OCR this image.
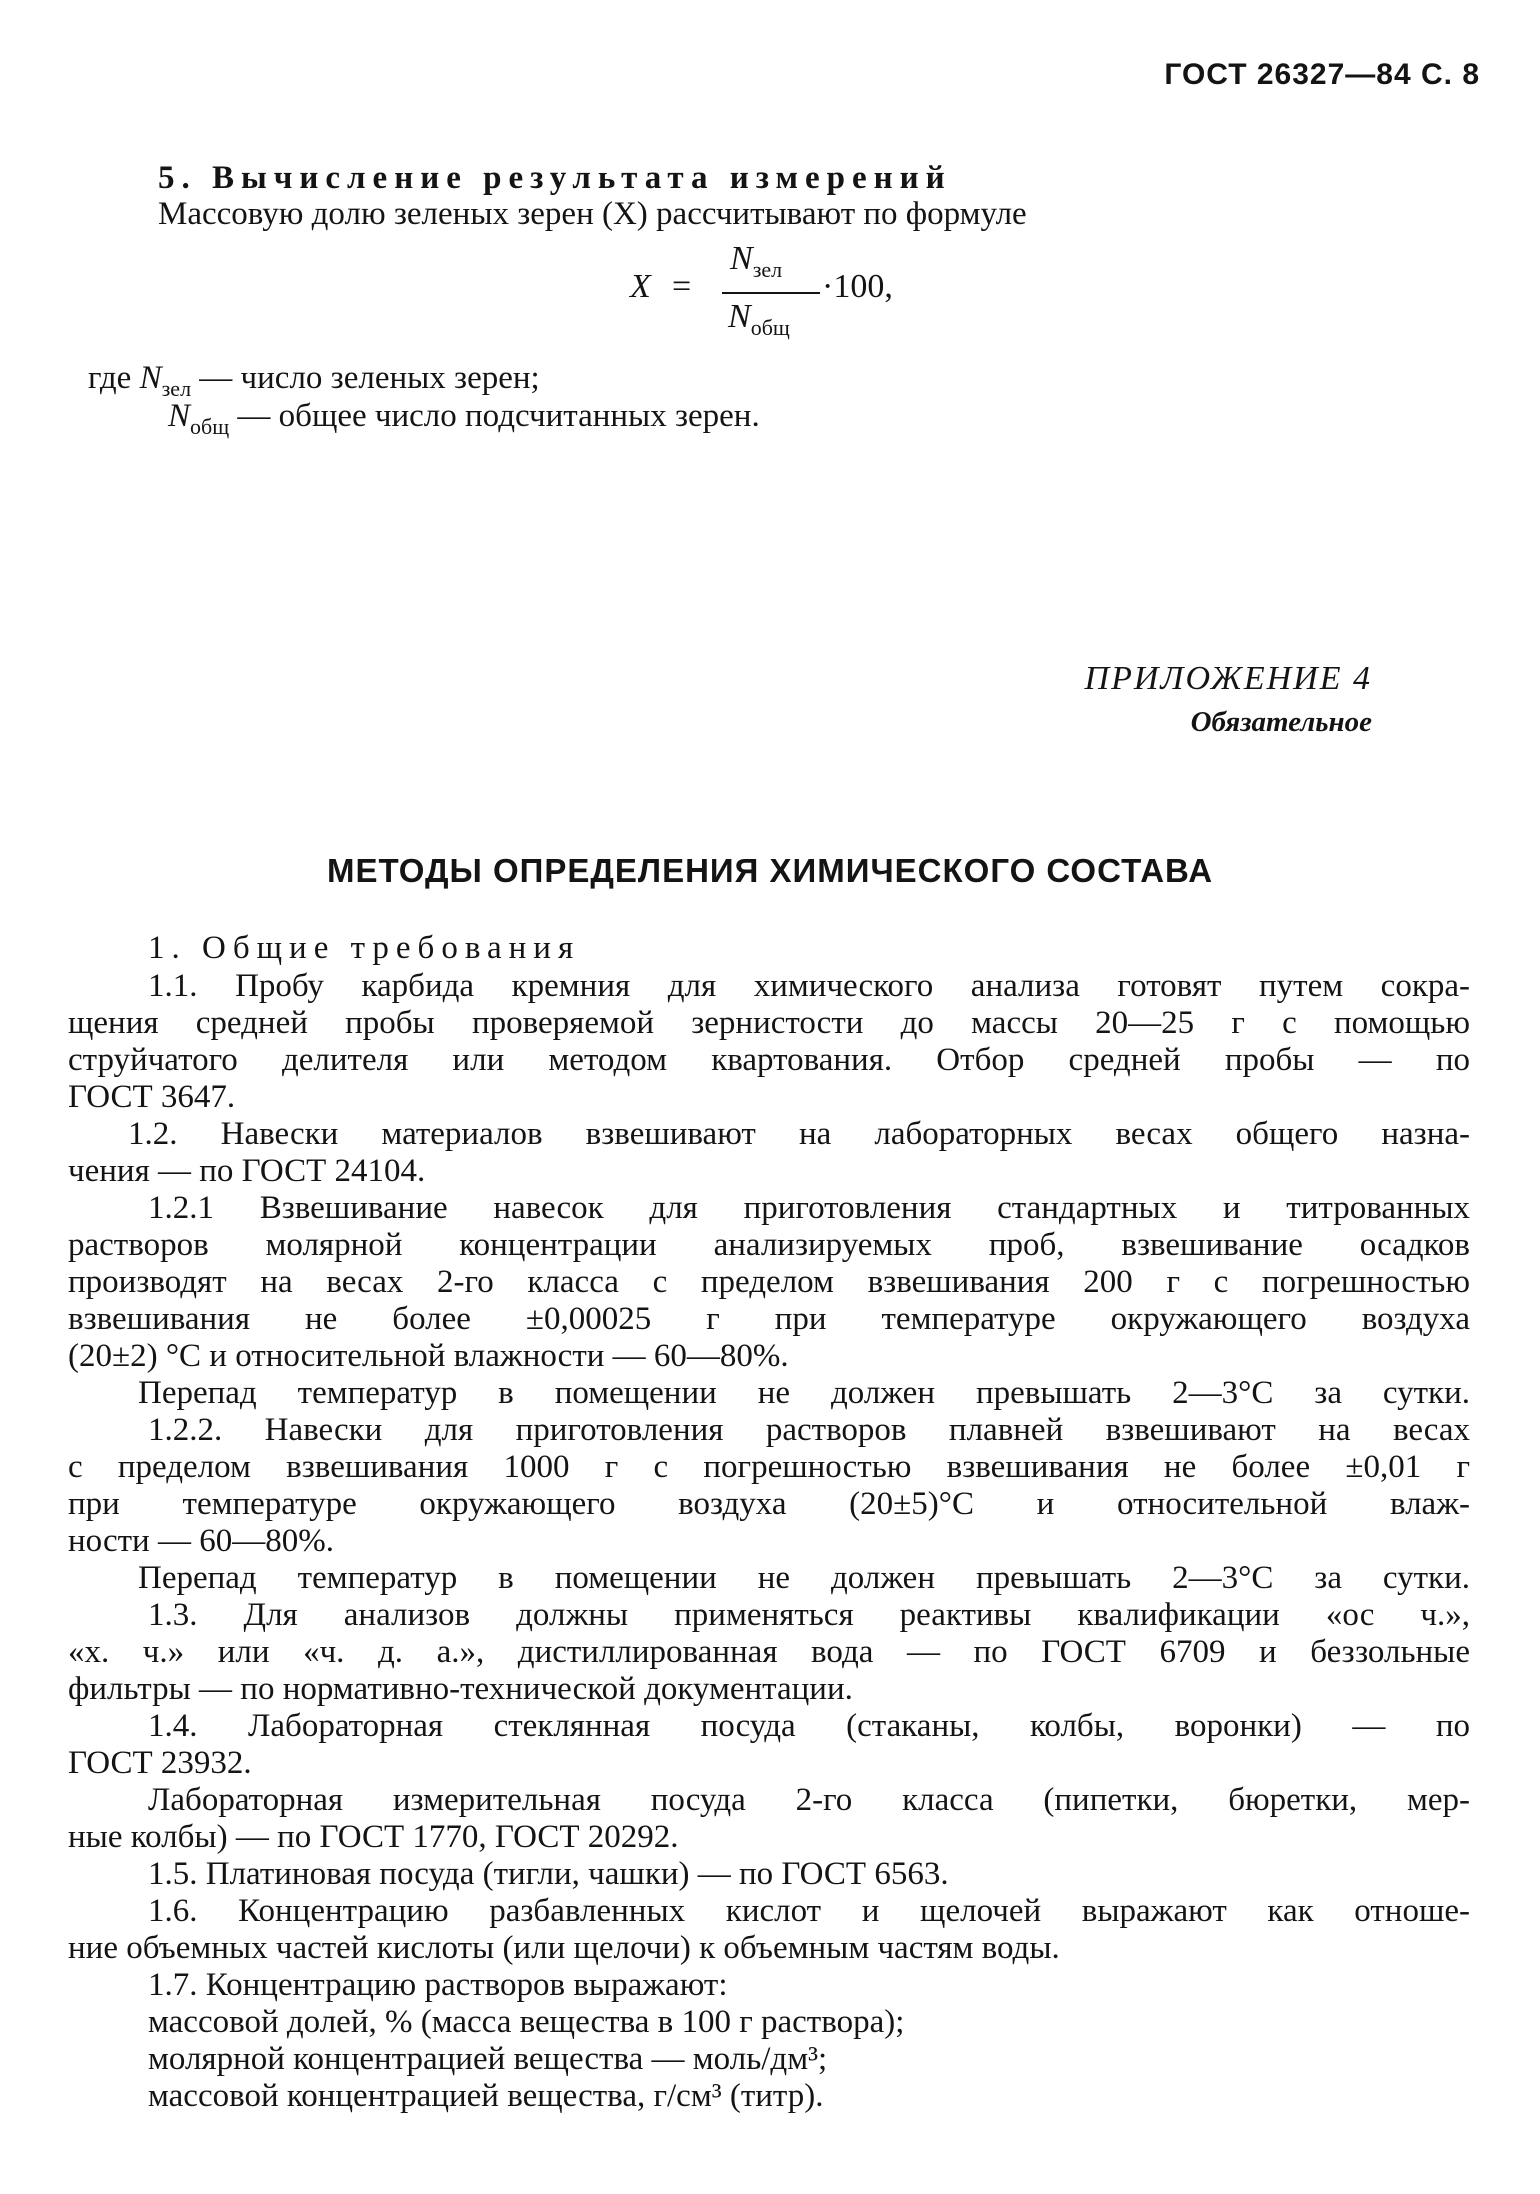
ГОСТ 26327—84 С. 8
5. Вычисление результата измерений
Массовую долю зеленых зерен (X) рассчитывают по формуле
X =
$N_{зел}$
$N_{общ}$
·100,
где $N_{зел}$ — число зеленых зерен;
$N_{общ}$ — общее число подсчитанных зерен.
ПРИЛОЖЕНИЕ 4
Обязательное
МЕТОДЫ ОПРЕДЕЛЕНИЯ ХИМИЧЕСКОГО СОСТАВА
1. Общие требования
1.1. Пробу карбида кремния для химического анализа готовят путем сокра-
щения средней пробы проверяемой зернистости до массы 20—25 г с помощью
струйчатого делителя или методом квартования. Отбор средней пробы — по
ГОСТ 3647.
1.2. Навески материалов взвешивают на лабораторных весах общего назна-
чения — по ГОСТ 24104.
1.2.1 Взвешивание навесок для приготовления стандартных и титрованных
растворов молярной концентрации анализируемых проб, взвешивание осадков
производят на весах 2-го класса с пределом взвешивания 200 г с погрешностью
взвешивания не более ±0,00025 г при температуре окружающего воздуха
(20±2) °С и относительной влажности — 60—80%.
Перепад температур в помещении не должен превышать 2—3°С за сутки.
1.2.2. Навески для приготовления растворов плавней взвешивают на весах
с пределом взвешивания 1000 г с погрешностью взвешивания не более ±0,01 г
при температуре окружающего воздуха (20±5)°С и относительной влаж-
ности — 60—80%.
Перепад температур в помещении не должен превышать 2—3°С за сутки.
1.3. Для анализов должны применяться реактивы квалификации «ос ч.»,
«х. ч.» или «ч. д. а.», дистиллированная вода — по ГОСТ 6709 и беззольные
фильтры — по нормативно-технической документации.
1.4. Лабораторная стеклянная посуда (стаканы, колбы, воронки) — по
ГОСТ 23932.
Лабораторная измерительная посуда 2-го класса (пипетки, бюретки, мер-
ные колбы) — по ГОСТ 1770, ГОСТ 20292.
1.5. Платиновая посуда (тигли, чашки) — по ГОСТ 6563.
1.6. Концентрацию разбавленных кислот и щелочей выражают как отноше-
ние объемных частей кислоты (или щелочи) к объемным частям воды.
1.7. Концентрацию растворов выражают:
массовой долей, % (масса вещества в 100 г раствора);
молярной концентрацией вещества — моль/дм³;
массовой концентрацией вещества, г/см³ (титр).
